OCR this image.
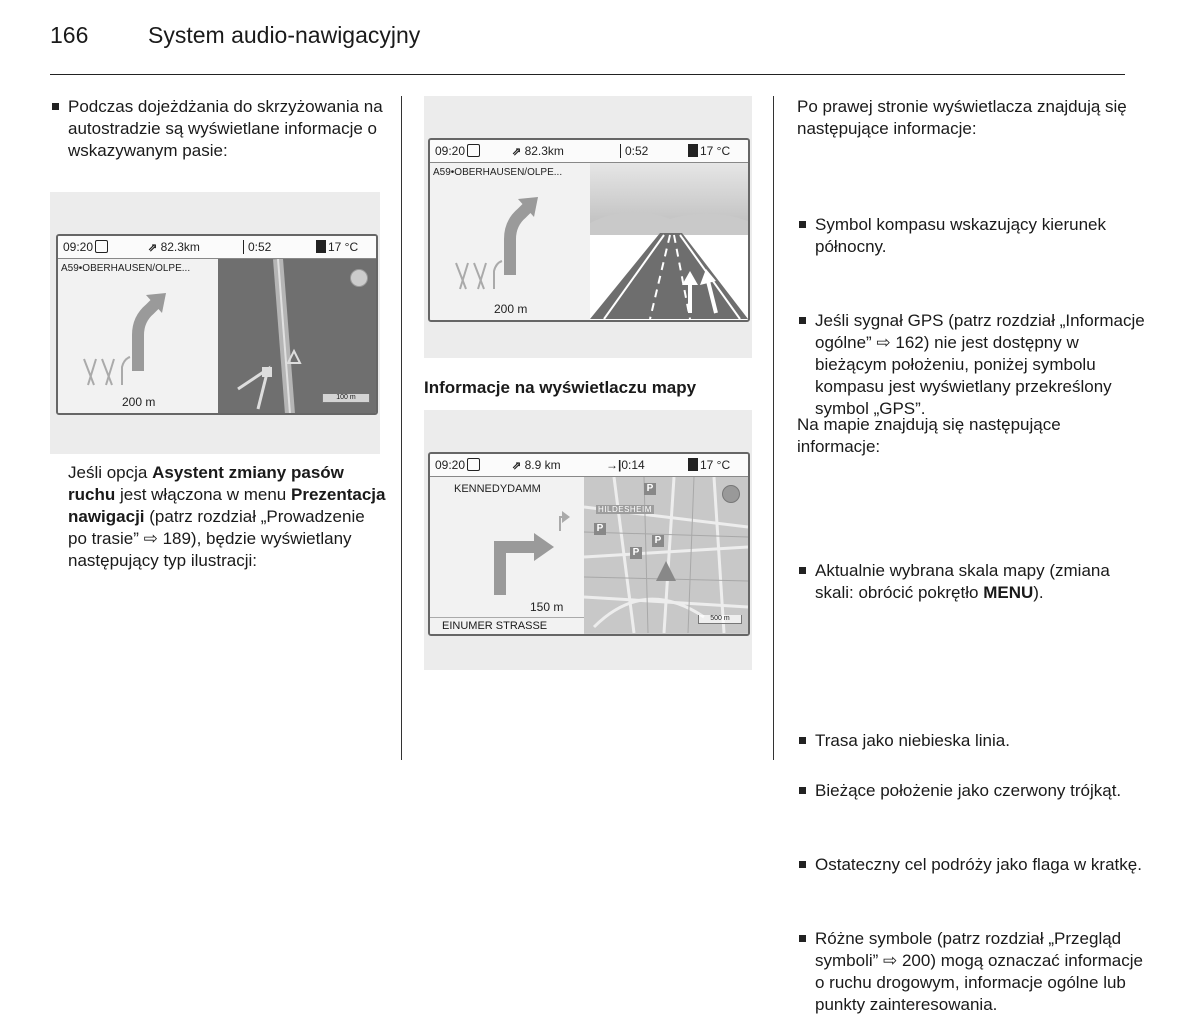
166	System audio-nawigacyjny
Podczas dojeżdżania do skrzyżowania na autostradzie są wyświetlane informacje o wskazywanym pasie:
09:20	⇗ 82.3km	0:52	17 °C
A59•OBERHAUSEN/OLPE...
200 m	100 m
Jeśli opcja Asystent zmiany pasów ruchu jest włączona w menu Prezentacja nawigacji (patrz rozdział „Prowadzenie po trasie” ⇨ 189), będzie wyświetlany następujący typ ilustracji:
09:20	⇗ 82.3km	0:52	17 °C
A59•OBERHAUSEN/OLPE...
200 m
Informacje na wyświetlaczu mapy
09:20	⇗ 8.9 km	→|0:14	17 °C
KENNEDYDAMM
150 m
EINUMER STRASSE
HILDESHEIM
P
P
P
P
500 m
Po prawej stronie wyświetlacza znajdują się następujące informacje:
Symbol kompasu wskazujący kierunek północny.
Jeśli sygnał GPS (patrz rozdział „Informacje ogólne” ⇨ 162) nie jest dostępny w bieżącym położeniu, poniżej symbolu kompasu jest wyświetlany przekreślony symbol „GPS”.
Aktualnie wybrana skala mapy (zmiana skali: obrócić pokrętło MENU).
Na mapie znajdują się następujące informacje:
Trasa jako niebieska linia.
Bieżące położenie jako czerwony trójkąt.
Ostateczny cel podróży jako flaga w kratkę.
Różne symbole (patrz rozdział „Przegląd symboli” ⇨ 200) mogą oznaczać informacje o ruchu drogowym, informacje ogólne lub punkty zainteresowania.
